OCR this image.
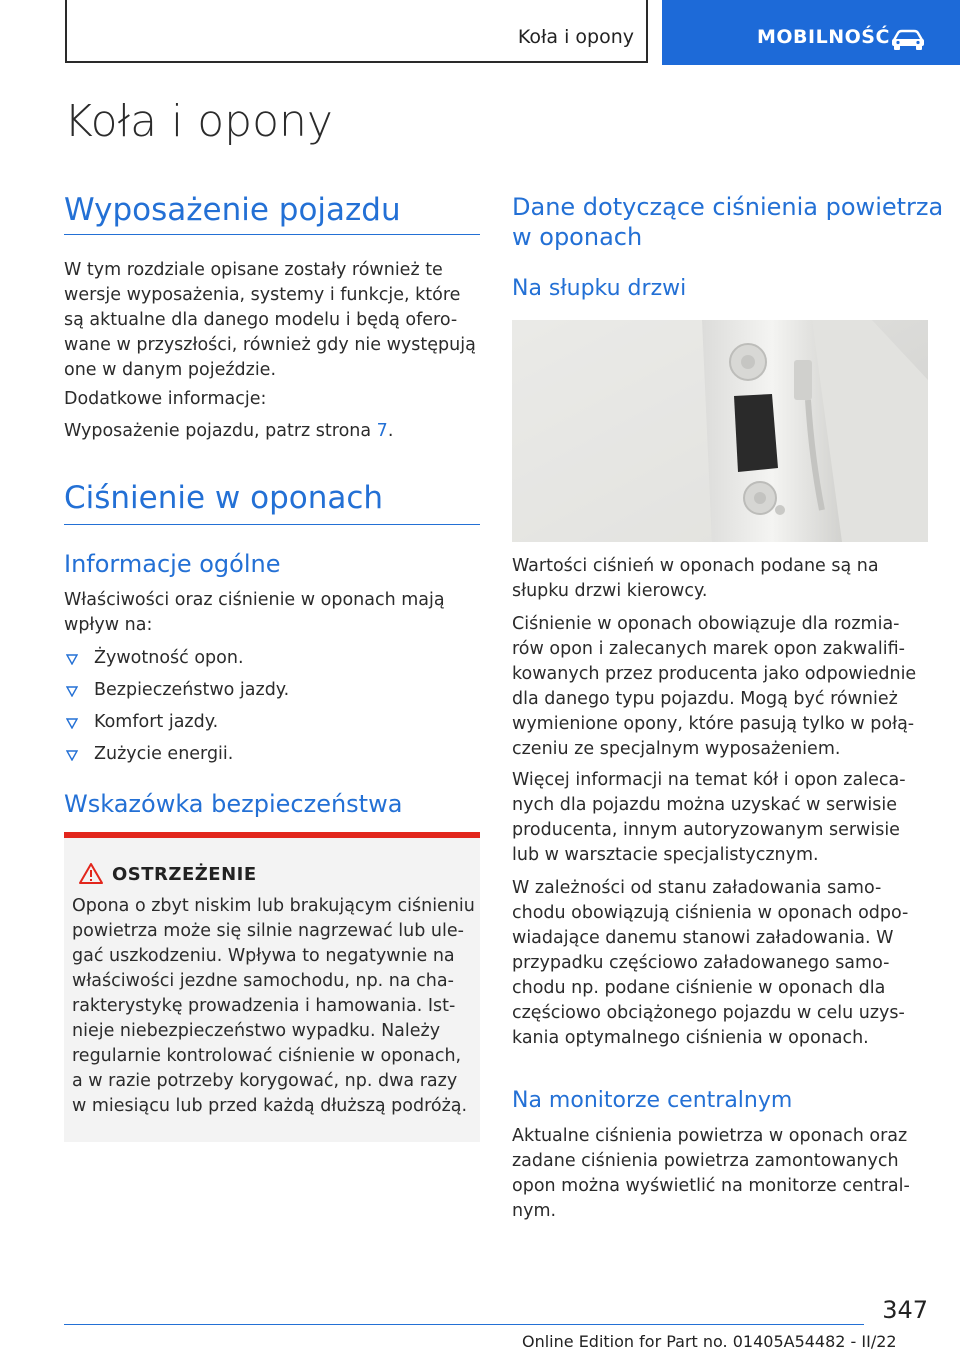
Koła i opony	MOBILNOŚĆ
Koła i opony
Wyposażenie pojazdu
W tym rozdziale opisane zostały również te
wersje wyposażenia, systemy i funkcje, które
są aktualne dla danego modelu i będą ofero-
wane w przyszłości, również gdy nie występują
one w danym pojeździe.
Dodatkowe informacje:
Wyposażenie pojazdu, patrz strona 7.
Ciśnienie w oponach
Informacje ogólne
Właściwości oraz ciśnienie w oponach mają
wpływ na:
Żywotność opon.
Bezpieczeństwo jazdy.
Komfort jazdy.
Zużycie energii.
Wskazówka bezpieczeństwa
OSTRZEŻENIE
Opona o zbyt niskim lub brakującym ciśnieniu
powietrza może się silnie nagrzewać lub ule-
gać uszkodzeniu. Wpływa to negatywnie na
właściwości jezdne samochodu, np. na cha-
rakterystykę prowadzenia i hamowania. Ist-
nieje niebezpieczeństwo wypadku. Należy
regularnie kontrolować ciśnienie w oponach,
a w razie potrzeby korygować, np. dwa razy
w miesiącu lub przed każdą dłuższą podróżą.
Dane dotyczące ciśnienia powietrza
w oponach
Na słupku drzwi
Wartości ciśnień w oponach podane są na
słupku drzwi kierowcy.
Ciśnienie w oponach obowiązuje dla rozmia-
rów opon i zalecanych marek opon zakwalifi-
kowanych przez producenta jako odpowiednie
dla danego typu pojazdu. Mogą być również
wymienione opony, które pasują tylko w połą-
czeniu ze specjalnym wyposażeniem.
Więcej informacji na temat kół i opon zaleca-
nych dla pojazdu można uzyskać w serwisie
producenta, innym autoryzowanym serwisie
lub w warsztacie specjalistycznym.
W zależności od stanu załadowania samo-
chodu obowiązują ciśnienia w oponach odpo-
wiadające danemu stanowi załadowania. W
przypadku częściowo załadowanego samo-
chodu np. podane ciśnienie w oponach dla
częściowo obciążonego pojazdu w celu uzys-
kania optymalnego ciśnienia w oponach.
Na monitorze centralnym
Aktualne ciśnienia powietrza w oponach oraz
zadane ciśnienia powietrza zamontowanych
opon można wyświetlić na monitorze central-
nym.
347
Online Edition for Part no. 01405A54482 - II/22
